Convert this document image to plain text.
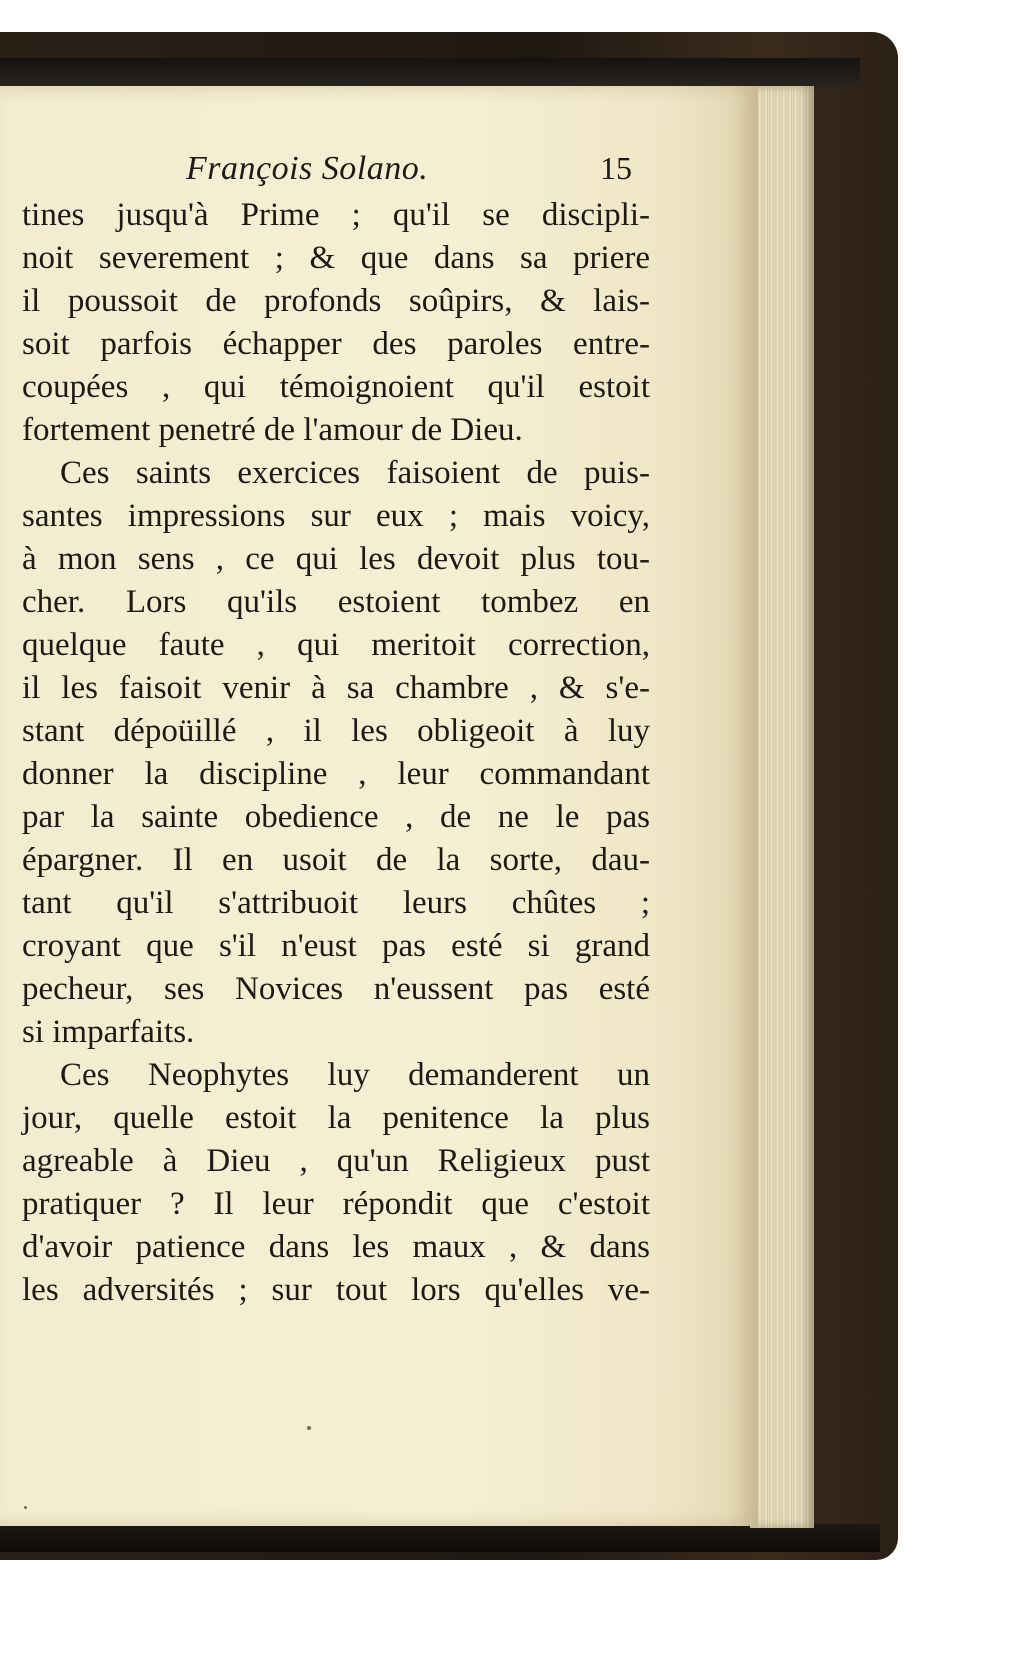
François Solano.	15
tines jusqu'à Prime ; qu'il se discipli-
noit severement ; & que dans sa priere
il poussoit de profonds soûpirs, & lais-
soit parfois échapper des paroles entre-
coupées , qui témoignoient qu'il estoit
fortement penetré de l'amour de Dieu.
Ces saints exercices faisoient de puis-
santes impressions sur eux ; mais voicy,
à mon sens , ce qui les devoit plus tou-
cher. Lors qu'ils estoient tombez en
quelque faute , qui meritoit correction,
il les faisoit venir à sa chambre , & s'e-
stant dépoüillé , il les obligeoit à luy
donner la discipline , leur commandant
par la sainte obedience , de ne le pas
épargner. Il en usoit de la sorte, dau-
tant qu'il s'attribuoit leurs chûtes ;
croyant que s'il n'eust pas esté si grand
pecheur, ses Novices n'eussent pas esté
si imparfaits.
Ces Neophytes luy demanderent un
jour, quelle estoit la penitence la plus
agreable à Dieu , qu'un Religieux pust
pratiquer ? Il leur répondit que c'estoit
d'avoir patience dans les maux , & dans
les adversités ; sur tout lors qu'elles ve-
